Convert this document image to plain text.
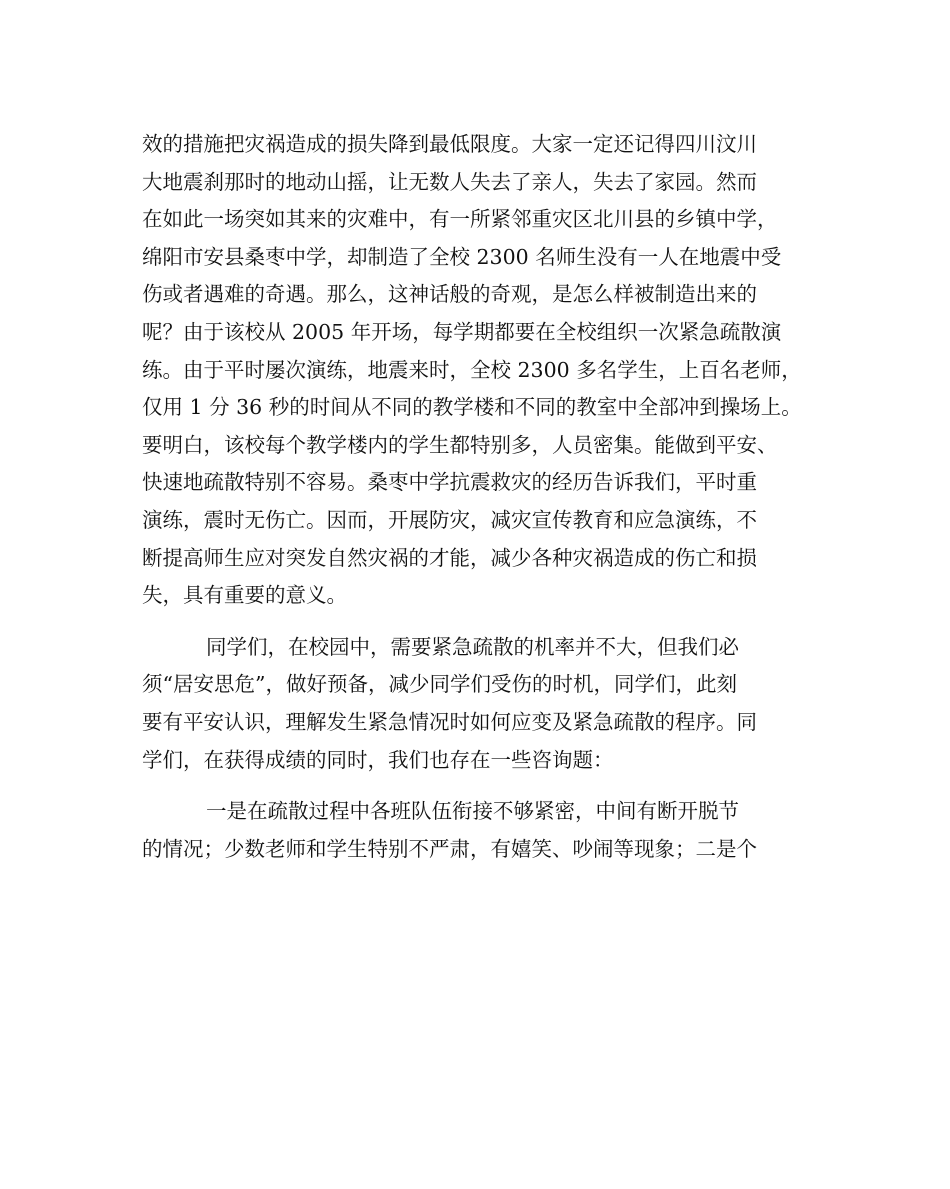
效的措施把灾祸造成的损失降到最低限度。大家一定还记得四川汶川
大地震刹那时的地动山摇，让无数人失去了亲人，失去了家园。然而
在如此一场突如其来的灾难中，有一所紧邻重灾区北川县的乡镇中学，
绵阳市安县桑枣中学，却制造了全校 2300 名师生没有一人在地震中受
伤或者遇难的奇遇。那么，这神话般的奇观，是怎么样被制造出来的
呢？由于该校从 2005 年开场，每学期都要在全校组织一次紧急疏散演
练。由于平时屡次演练，地震来时，全校 2300 多名学生，上百名老师，
仅用 1 分 36 秒的时间从不同的教学楼和不同的教室中全部冲到操场上。
要明白，该校每个教学楼内的学生都特别多，人员密集。能做到平安、
快速地疏散特别不容易。桑枣中学抗震救灾的经历告诉我们，平时重
演练，震时无伤亡。因而，开展防灾，减灾宣传教育和应急演练，不
断提高师生应对突发自然灾祸的才能，减少各种灾祸造成的伤亡和损
失，具有重要的意义。
同学们，在校园中，需要紧急疏散的机率并不大，但我们必
须“居安思危”，做好预备，减少同学们受伤的时机，同学们，此刻
要有平安认识，理解发生紧急情况时如何应变及紧急疏散的程序。同
学们，在获得成绩的同时，我们也存在一些咨询题：
一是在疏散过程中各班队伍衔接不够紧密，中间有断开脱节
的情况；少数老师和学生特别不严肃，有嬉笑、吵闹等现象；二是个
